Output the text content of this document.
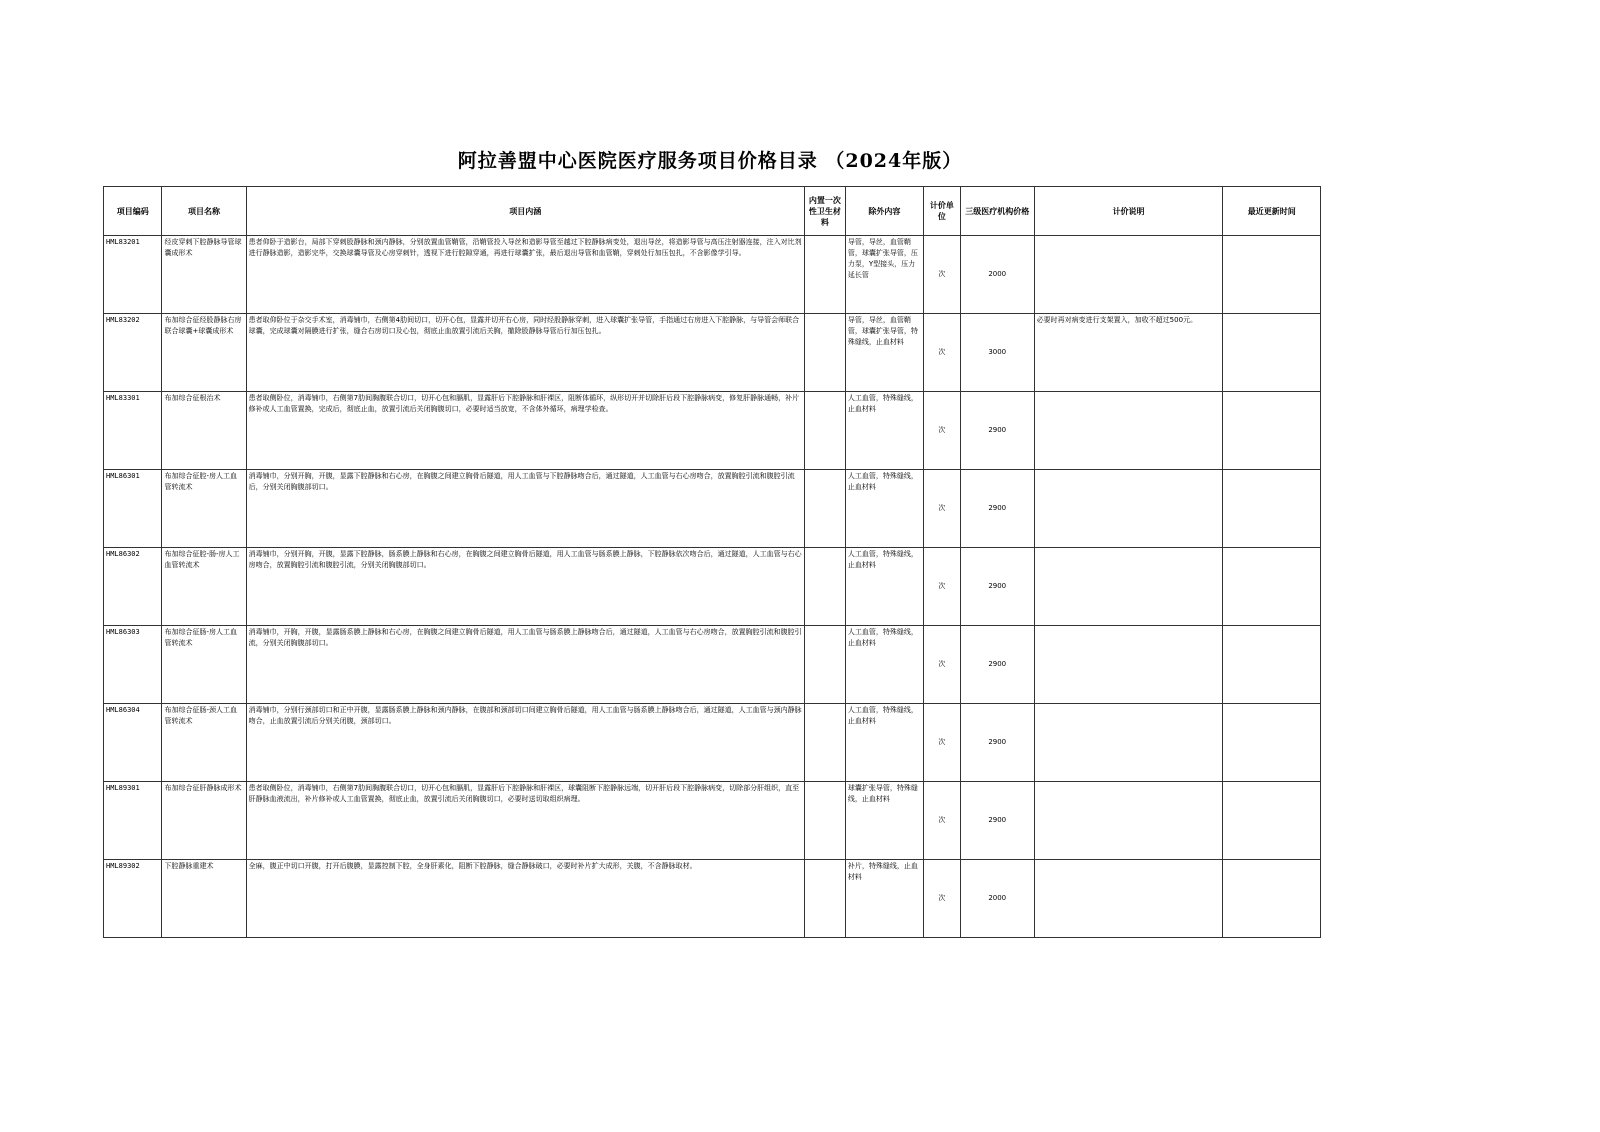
阿拉善盟中心医院医疗服务项目价格目录 （2024年版）
项目编码	项目名称	项目内涵	内置一次性卫生材料	除外内容	计价单位	三级医疗机构价格	计价说明	最近更新时间
HML83201	经皮穿刺下腔静脉导管球囊成形术	患者仰卧于造影台，局部下穿刺股静脉和颈内静脉，分别放置血管鞘管，沿鞘管投入导丝和造影导管至越过下腔静脉病变处，退出导丝，将造影导管与高压注射器连接，注入对比剂进行静脉造影，造影完毕，交换球囊导管及心房穿刺针，透视下进行腔隙穿通，再进行球囊扩张，最后退出导管和血管鞘，穿刺处行加压包扎，不含影像学引导。		导管，导丝，血管鞘管，球囊扩张导管，压力泵，Y型接头，压力延长管	次	2000		
HML83202	布加综合征经股静脉右房联合球囊+球囊成形术	患者取仰卧位于杂交手术室，消毒铺巾，右侧第4肋间切口，切开心包，显露并切开右心房，同时经股静脉穿刺，进入球囊扩张导管，手指通过右房进入下腔静脉，与导管会师联合球囊，完成球囊对隔膜进行扩张，缝合右房切口及心包，彻底止血放置引流后关胸，撤除股静脉导管后行加压包扎。		导管，导丝，血管鞘管，球囊扩张导管，特殊缝线，止血材料	次	3000	必要时再对病变进行支架置入，加收不超过500元。	
HML83301	布加综合征根治术	患者取侧卧位，消毒铺巾，右侧第7肋间胸腹联合切口，切开心包和膈肌，显露肝后下腔静脉和肝裸区，阻断体循环，纵形切开并切除肝后段下腔静脉病变，修复肝静脉通畅，补片修补或人工血管置换，完成后，彻底止血，放置引流后关闭胸腹切口，必要时适当放宽，不含体外循环，病理学检查。		人工血管，特殊缝线，止血材料	次	2900		
HML86301	布加综合征腔-房人工血管转流术	消毒铺巾，分别开胸，开腹，显露下腔静脉和右心房，在胸腹之间建立胸骨后隧道，用人工血管与下腔静脉吻合后，通过隧道，人工血管与右心房吻合，放置胸腔引流和腹腔引流后，分别关闭胸腹部切口。		人工血管，特殊缝线，止血材料	次	2900		
HML86302	布加综合征腔-肠-房人工血管转流术	消毒铺巾，分别开胸，开腹，显露下腔静脉，肠系膜上静脉和右心房，在胸腹之间建立胸骨后隧道，用人工血管与肠系膜上静脉，下腔静脉依次吻合后，通过隧道，人工血管与右心房吻合，放置胸腔引流和腹腔引流，分别关闭胸腹部切口。		人工血管，特殊缝线，止血材料	次	2900		
HML86303	布加综合征肠-房人工血管转流术	消毒铺巾，开胸，开腹，显露肠系膜上静脉和右心房，在胸腹之间建立胸骨后隧道，用人工血管与肠系膜上静脉吻合后，通过隧道，人工血管与右心房吻合，放置胸腔引流和腹腔引流，分别关闭胸腹部切口。		人工血管，特殊缝线，止血材料	次	2900		
HML86304	布加综合征肠-颈人工血管转流术	消毒铺巾，分别行颈部切口和正中开腹，显露肠系膜上静脉和颈内静脉，在腹部和颈部切口间建立胸骨后隧道，用人工血管与肠系膜上静脉吻合后，通过隧道，人工血管与颈内静脉吻合，止血放置引流后分别关闭腹，颈部切口。		人工血管，特殊缝线，止血材料	次	2900		
HML89301	布加综合征肝静脉成形术	患者取侧卧位，消毒铺巾，右侧第7肋间胸腹联合切口，切开心包和膈肌，显露肝后下腔静脉和肝裸区，球囊阻断下腔静脉远端，切开肝后段下腔静脉病变，切除部分肝组织，直至肝静脉血液流出，补片修补或人工血管置换，彻底止血，放置引流后关闭胸腹切口，必要时送切取组织病理。		球囊扩张导管，特殊缝线，止血材料	次	2900		
HML89302	下腔静脉重建术	全麻，腹正中切口开腹，打开后腹膜，显露控制下腔，全身肝素化，阻断下腔静脉，缝合静脉破口，必要时补片扩大成形，关腹，不含静脉取材。		补片，特殊缝线，止血材料	次	2000		
